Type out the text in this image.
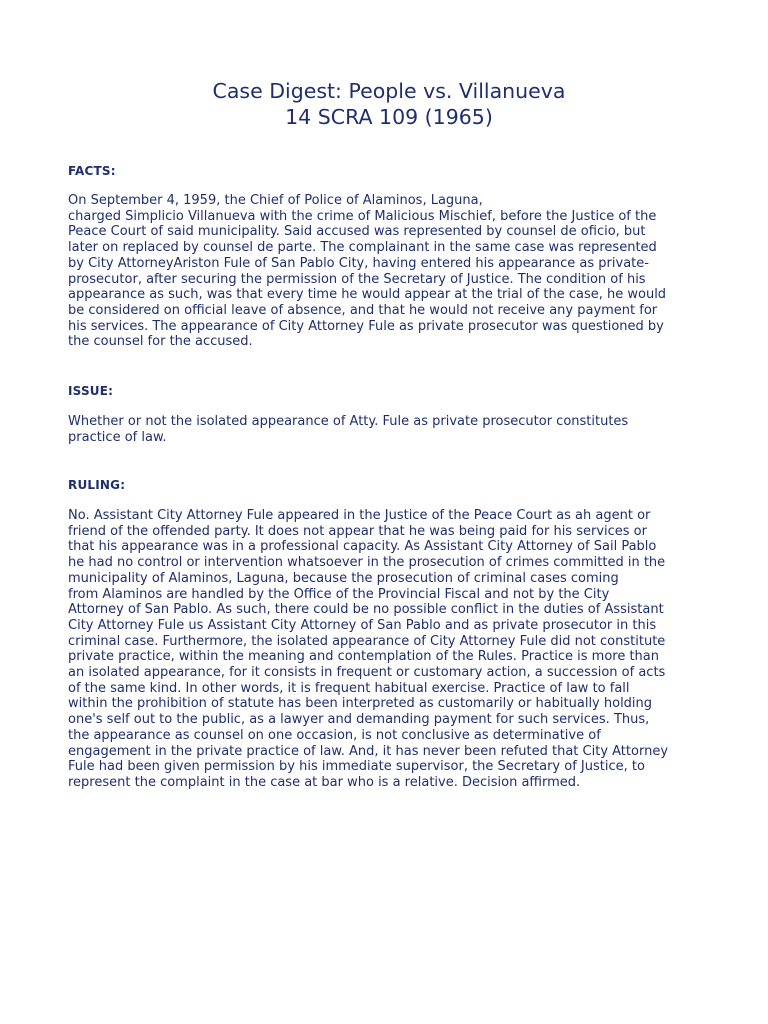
Case Digest: People vs. Villanueva
14 SCRA 109 (1965)
FACTS:
On September 4, 1959, the Chief of Police of Alaminos, Laguna,
charged Simplicio Villanueva with the crime of Malicious Mischief, before the Justice of the
Peace Court of said municipality. Said accused was represented by counsel de oficio, but
later on replaced by counsel de parte. The complainant in the same case was represented
by City AttorneyAriston Fule of San Pablo City, having entered his appearance as private-
prosecutor, after securing the permission of the Secretary of Justice. The condition of his
appearance as such, was that every time he would appear at the trial of the case, he would
be considered on official leave of absence, and that he would not receive any payment for
his services. The appearance of City Attorney Fule as private prosecutor was questioned by
the counsel for the accused.
ISSUE:
Whether or not the isolated appearance of Atty. Fule as private prosecutor constitutes
practice of law.
RULING:
No. Assistant City Attorney Fule appeared in the Justice of the Peace Court as ah agent or
friend of the offended party. It does not appear that he was being paid for his services or
that his appearance was in a professional capacity. As Assistant City Attorney of Sail Pablo
he had no control or intervention whatsoever in the prosecution of crimes committed in the
municipality of Alaminos, Laguna, because the prosecution of criminal cases coming
from Alaminos are handled by the Office of the Provincial Fiscal and not by the City
Attorney of San Pablo. As such, there could be no possible conflict in the duties of Assistant
City Attorney Fule us Assistant City Attorney of San Pablo and as private prosecutor in this
criminal case. Furthermore, the isolated appearance of City Attorney Fule did not constitute
private practice, within the meaning and contemplation of the Rules. Practice is more than
an isolated appearance, for it consists in frequent or customary action, a succession of acts
of the same kind. In other words, it is frequent habitual exercise. Practice of law to fall
within the prohibition of statute has been interpreted as customarily or habitually holding
one's self out to the public, as a lawyer and demanding payment for such services. Thus,
the appearance as counsel on one occasion, is not conclusive as determinative of
engagement in the private practice of law. And, it has never been refuted that City Attorney
Fule had been given permission by his immediate supervisor, the Secretary of Justice, to
represent the complaint in the case at bar who is a relative. Decision affirmed.
